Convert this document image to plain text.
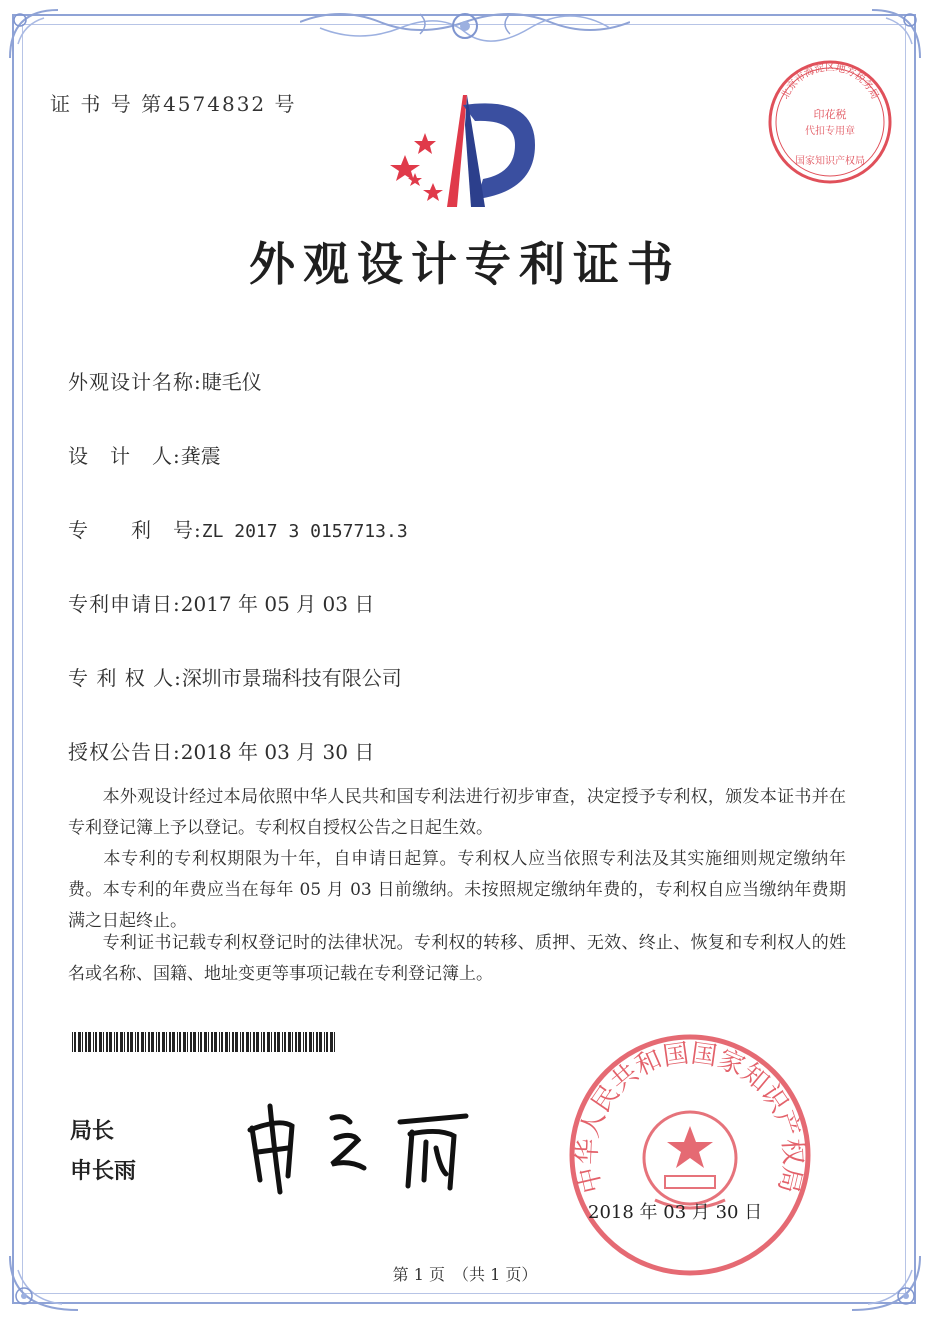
证 书 号 第4574832 号
外观设计专利证书
外观设计名称:睫毛仪
设　计　人:龚震
专　　利　号:ZL 2017 3 0157713.3
专利申请日:2017 年 05 月 03 日
专 利 权 人:深圳市景瑞科技有限公司
授权公告日:2018 年 03 月 30 日
　　本外观设计经过本局依照中华人民共和国专利法进行初步审查，决定授予专利权，颁发本证书并在专利登记簿上予以登记。专利权自授权公告之日起生效。
　　本专利的专利权期限为十年，自申请日起算。专利权人应当依照专利法及其实施细则规定缴纳年费。本专利的年费应当在每年 05 月 03 日前缴纳。未按照规定缴纳年费的，专利权自应当缴纳年费期满之日起终止。
　　专利证书记载专利权登记时的法律状况。专利权的转移、质押、无效、终止、恢复和专利权人的姓名或名称、国籍、地址变更等事项记载在专利登记簿上。
局长
申长雨
北京市海淀区地方税务局
印花税
代扣专用章
国家知识产权局
中华人民共和国国家知识产权局
2018 年 03 月 30 日
第 1 页　（共 1 页）
